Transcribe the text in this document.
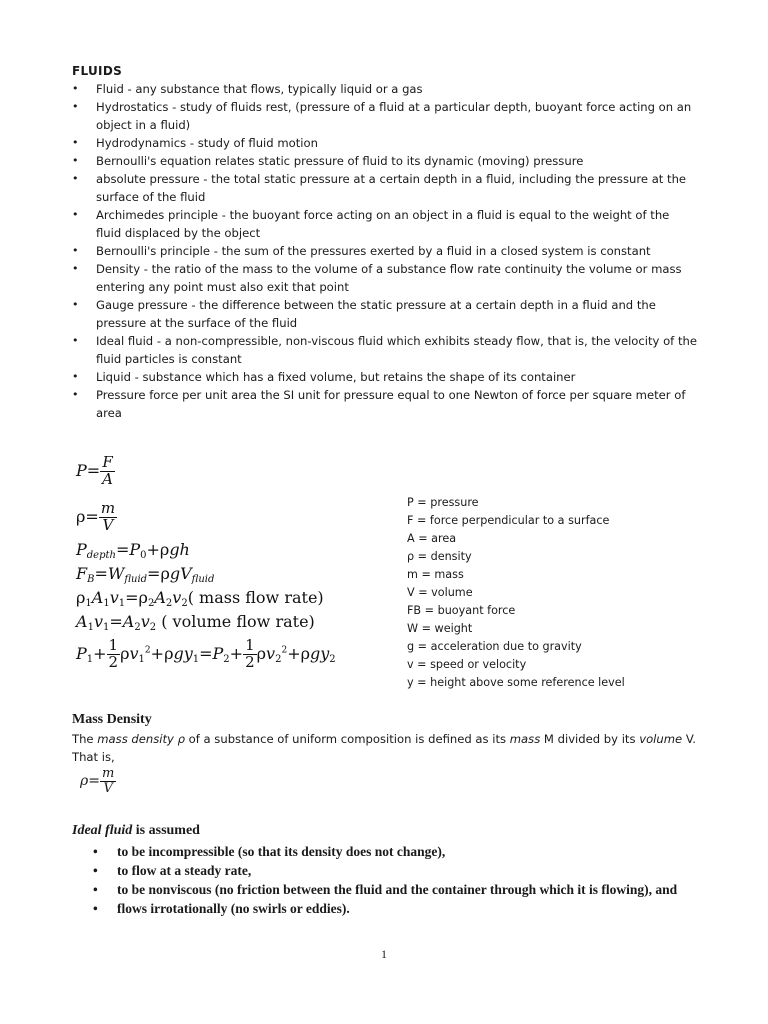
FLUIDS
• Fluid - any substance that flows, typically liquid or a gas
• Hydrostatics - study of fluids rest, (pressure of a fluid at a particular depth, buoyant force acting on an object in a fluid)
• Hydrodynamics - study of fluid motion
• Bernoulli's equation relates static pressure of fluid to its dynamic (moving) pressure
• absolute pressure - the total static pressure at a certain depth in a fluid, including the pressure at the surface of the fluid
• Archimedes principle - the buoyant force acting on an object in a fluid is equal to the weight of the fluid displaced by the object
• Bernoulli's principle - the sum of the pressures exerted by a fluid in a closed system is constant
• Density - the ratio of the mass to the volume of a substance flow rate continuity the volume or mass entering any point must also exit that point
• Gauge pressure - the difference between the static pressure at a certain depth in a fluid and the pressure at the surface of the fluid
• Ideal fluid - a non-compressible, non-viscous fluid which exhibits steady flow, that is, the velocity of the fluid particles is constant
• Liquid - substance which has a fixed volume, but retains the shape of its container
• Pressure force per unit area the SI unit for pressure equal to one Newton of force per square meter of area
$P= \frac{F}{A}$
$\rho= \frac{m}{V}$
$P_{depth}=P_0+\rho gh$
$F_B=W_{fluid}=\rho gV_{fluid}$
$\rho_1A_1v_1=\rho_2A_2v_2$( mass flow rate)
$A_1v_1=A_2v_2$ ( volume flow rate)
$P_1+ \frac{1}{2} \rho v_1^2+\rho gy_1=P_2+ \frac{1}{2} \rho v_2^2+\rho gy_2$
P = pressure
F = force perpendicular to a surface
A = area
ρ = density
m = mass
V = volume
FB = buoyant force
W = weight
g = acceleration due to gravity
v = speed or velocity
y = height above some reference level
Mass Density
The mass density ρ of a substance of uniform composition is defined as its mass M divided by its volume V. That is,
$\rho= \frac{m}{V}$
Ideal fluid is assumed
• to be incompressible (so that its density does not change),
• to flow at a steady rate,
• to be nonviscous (no friction between the fluid and the container through which it is flowing), and
• flows irrotationally (no swirls or eddies).
1
